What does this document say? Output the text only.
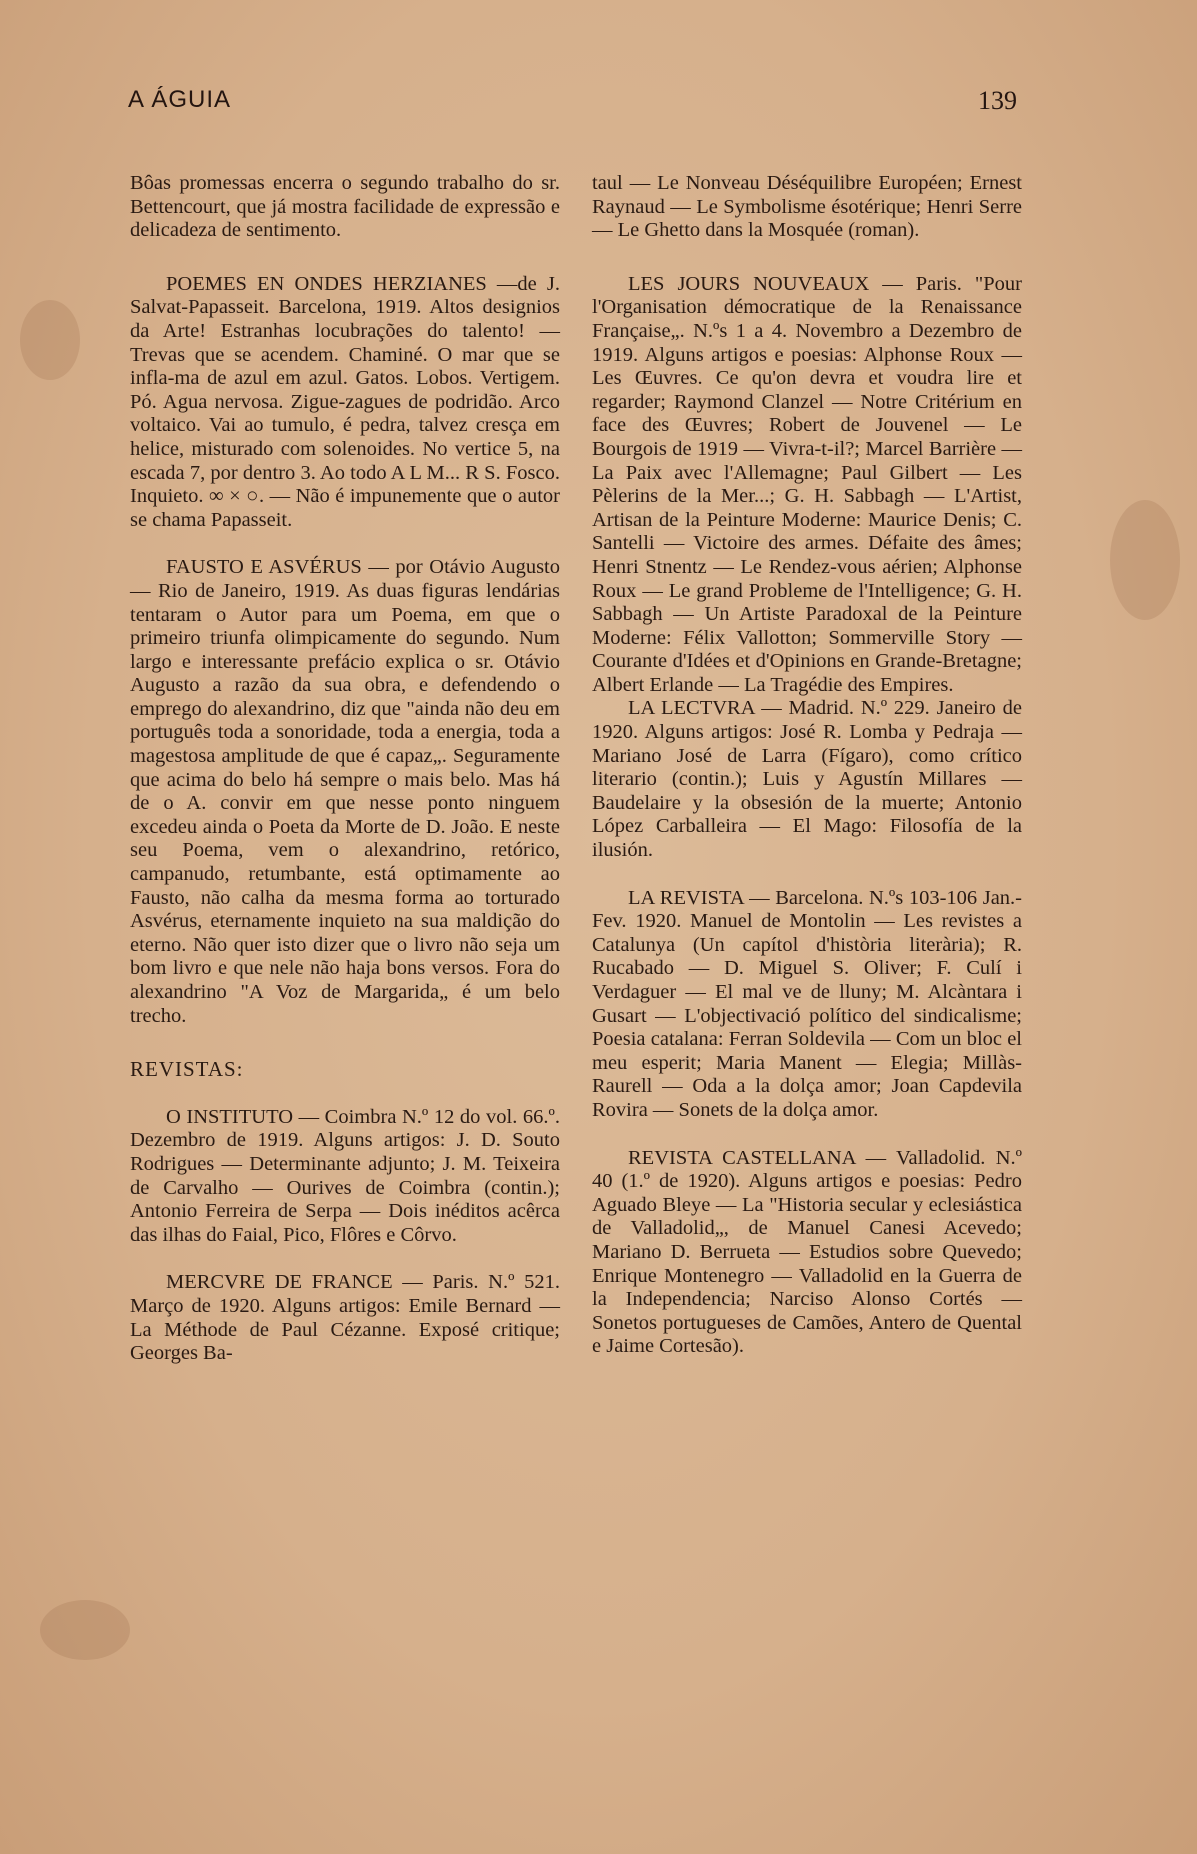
A ÁGUIA	139

Bôas promessas encerra o segundo trabalho do sr. Bettencourt, que já mostra facilidade de expressão e delicadeza de sentimento.

POEMES EN ONDES HERZIANES —de J. Salvat-Papasseit. Barcelona, 1919. Altos designios da Arte! Estranhas locubrações do talento! — Trevas que se acendem. Chaminé. O mar que se infla-ma de azul em azul. Gatos. Lobos. Vertigem. Pó. Agua nervosa. Zigue-zagues de podridão. Arco voltaico. Vai ao tumulo, é pedra, talvez cresça em helice, misturado com solenoides. No vertice 5, na escada 7, por dentro 3. Ao todo A L M... R S. Fosco. Inquieto. ∞ × ○. — Não é impunemente que o autor se chama Papasseit.

FAUSTO E ASVÉRUS — por Otávio Augusto — Rio de Janeiro, 1919. As duas figuras lendárias tentaram o Autor para um Poema, em que o primeiro triunfa olimpicamente do segundo. Num largo e interessante prefácio explica o sr. Otávio Augusto a razão da sua obra, e defendendo o emprego do alexandrino, diz que "ainda não deu em português toda a sonoridade, toda a energia, toda a magestosa amplitude de que é capaz„. Seguramente que acima do belo há sempre o mais belo. Mas há de o A. convir em que nesse ponto ninguem excedeu ainda o Poeta da Morte de D. João. E neste seu Poema, vem o alexandrino, retórico, campanudo, retumbante, está optimamente ao Fausto, não calha da mesma forma ao torturado Asvérus, eternamente inquieto na sua maldição do eterno. Não quer isto dizer que o livro não seja um bom livro e que nele não haja bons versos. Fora do alexandrino "A Voz de Margarida„ é um belo trecho.

REVISTAS:

O INSTITUTO — Coimbra N.º 12 do vol. 66.º. Dezembro de 1919. Alguns artigos: J. D. Souto Rodrigues — Determinante adjunto; J. M. Teixeira de Carvalho — Ourives de Coimbra (contin.); Antonio Ferreira de Serpa — Dois inéditos acêrca das ilhas do Faial, Pico, Flôres e Côrvo.

MERCVRE DE FRANCE — Paris. N.º 521. Março de 1920. Alguns artigos: Emile Bernard — La Méthode de Paul Cézanne. Exposé critique; Georges Ba-

taul — Le Nonveau Déséquilibre Européen; Ernest Raynaud — Le Symbolisme ésotérique; Henri Serre — Le Ghetto dans la Mosquée (roman).

LES JOURS NOUVEAUX — Paris. "Pour l'Organisation démocratique de la Renaissance Française„. N.ºs 1 a 4. Novembro a Dezembro de 1919. Alguns artigos e poesias: Alphonse Roux — Les Œuvres. Ce qu'on devra et voudra lire et regarder; Raymond Clanzel — Notre Critérium en face des Œuvres; Robert de Jouvenel — Le Bourgois de 1919 — Vivra-t-il?; Marcel Barrière — La Paix avec l'Allemagne; Paul Gilbert — Les Pèlerins de la Mer...; G. H. Sabbagh — L'Artist, Artisan de la Peinture Moderne: Maurice Denis; C. Santelli — Victoire des armes. Défaite des âmes; Henri Stnentz — Le Rendez-vous aérien; Alphonse Roux — Le grand Probleme de l'Intelligence; G. H. Sabbagh — Un Artiste Paradoxal de la Peinture Moderne: Félix Vallotton; Sommerville Story — Courante d'Idées et d'Opinions en Grande-Bretagne; Albert Erlande — La Tragédie des Empires.

LA LECTVRA — Madrid. N.º 229. Janeiro de 1920. Alguns artigos: José R. Lomba y Pedraja — Mariano José de Larra (Fígaro), como crítico literario (contin.); Luis y Agustín Millares — Baudelaire y la obsesión de la muerte; Antonio López Carballeira — El Mago: Filosofía de la ilusión.

LA REVISTA — Barcelona. N.ºs 103-106 Jan.-Fev. 1920. Manuel de Montolin — Les revistes a Catalunya (Un capítol d'història literària); R. Rucabado — D. Miguel S. Oliver; F. Culí i Verdaguer — El mal ve de lluny; M. Alcàntara i Gusart — L'objectivació político del sindicalisme; Poesia catalana: Ferran Soldevila — Com un bloc el meu esperit; Maria Manent — Elegia; Millàs-Raurell — Oda a la dolça amor; Joan Capdevila Rovira — Sonets de la dolça amor.

REVISTA CASTELLANA — Valladolid. N.º 40 (1.º de 1920). Alguns artigos e poesias: Pedro Aguado Bleye — La "Historia secular y eclesiástica de Valladolid„, de Manuel Canesi Acevedo; Mariano D. Berrueta — Estudios sobre Quevedo; Enrique Montenegro — Valladolid en la Guerra de la Independencia; Narciso Alonso Cortés — Sonetos portugueses de Camões, Antero de Quental e Jaime Cortesão).
